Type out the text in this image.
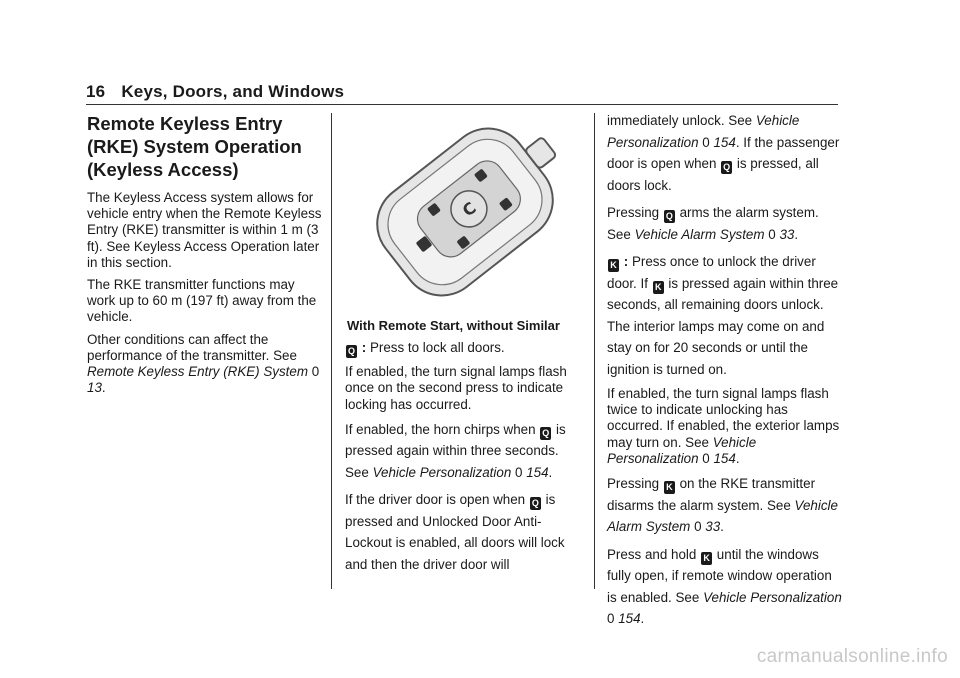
16 Keys, Doors, and Windows
Remote Keyless Entry (RKE) System Operation (Keyless Access)

The Keyless Access system allows for vehicle entry when the Remote Keyless Entry (RKE) transmitter is within 1 m (3 ft). See Keyless Access Operation later in this section.

The RKE transmitter functions may work up to 60 m (197 ft) away from the vehicle.

Other conditions can affect the performance of the transmitter. See Remote Keyless Entry (RKE) System 0 13.

C
With Remote Start, without Similar

Q : Press to lock all doors.

If enabled, the turn signal lamps flash once on the second press to indicate locking has occurred.

If enabled, the horn chirps when Q is pressed again within three seconds. See Vehicle Personalization 0 154.

If the driver door is open when Q is pressed and Unlocked Door Anti-Lockout is enabled, all doors will lock and then the driver door will

immediately unlock. See Vehicle Personalization 0 154. If the passenger door is open when Q is pressed, all doors lock.

Pressing Q arms the alarm system. See Vehicle Alarm System 0 33.

K : Press once to unlock the driver door. If K is pressed again within three seconds, all remaining doors unlock. The interior lamps may come on and stay on for 20 seconds or until the ignition is turned on.

If enabled, the turn signal lamps flash twice to indicate unlocking has occurred. If enabled, the exterior lamps may turn on. See Vehicle Personalization 0 154.

Pressing K on the RKE transmitter disarms the alarm system. See Vehicle Alarm System 0 33.

Press and hold K until the windows fully open, if remote window operation is enabled. See Vehicle Personalization 0 154.

carmanualsonline.info
